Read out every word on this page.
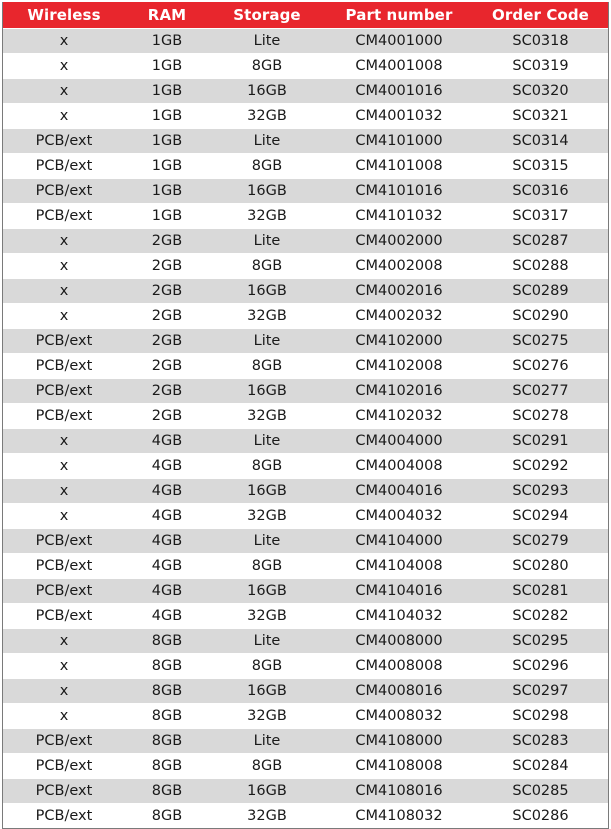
Wireless	RAM	Storage	Part number	Order Code
x	1GB	Lite	CM4001000	SC0318
x	1GB	8GB	CM4001008	SC0319
x	1GB	16GB	CM4001016	SC0320
x	1GB	32GB	CM4001032	SC0321
PCB/ext	1GB	Lite	CM4101000	SC0314
PCB/ext	1GB	8GB	CM4101008	SC0315
PCB/ext	1GB	16GB	CM4101016	SC0316
PCB/ext	1GB	32GB	CM4101032	SC0317
x	2GB	Lite	CM4002000	SC0287
x	2GB	8GB	CM4002008	SC0288
x	2GB	16GB	CM4002016	SC0289
x	2GB	32GB	CM4002032	SC0290
PCB/ext	2GB	Lite	CM4102000	SC0275
PCB/ext	2GB	8GB	CM4102008	SC0276
PCB/ext	2GB	16GB	CM4102016	SC0277
PCB/ext	2GB	32GB	CM4102032	SC0278
x	4GB	Lite	CM4004000	SC0291
x	4GB	8GB	CM4004008	SC0292
x	4GB	16GB	CM4004016	SC0293
x	4GB	32GB	CM4004032	SC0294
PCB/ext	4GB	Lite	CM4104000	SC0279
PCB/ext	4GB	8GB	CM4104008	SC0280
PCB/ext	4GB	16GB	CM4104016	SC0281
PCB/ext	4GB	32GB	CM4104032	SC0282
x	8GB	Lite	CM4008000	SC0295
x	8GB	8GB	CM4008008	SC0296
x	8GB	16GB	CM4008016	SC0297
x	8GB	32GB	CM4008032	SC0298
PCB/ext	8GB	Lite	CM4108000	SC0283
PCB/ext	8GB	8GB	CM4108008	SC0284
PCB/ext	8GB	16GB	CM4108016	SC0285
PCB/ext	8GB	32GB	CM4108032	SC0286
